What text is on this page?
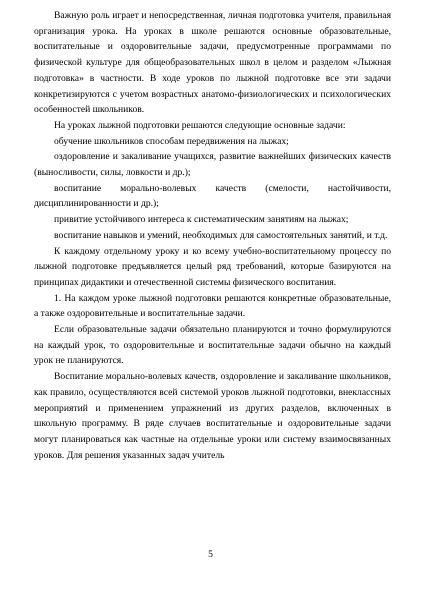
Важную роль играет и непосредственная, личная подготовка учителя, правильная организация урока. На уроках в школе решаются основные образовательные, воспитательные и оздоровительные задачи, предусмотренные программами по физической культуре для общеобразовательных школ в целом и разделом «Лыжная подготовка» в частности. В ходе уроков по лыжной подготовке все эти задачи конкретизируются с учетом возрастных анатомо-физиологических и психологических особенностей школьников.

На уроках лыжной подготовки решаются следующие основные задачи:

обучение школьников способам передвижения на лыжах;

оздоровление и закаливание учащихся, развитие важнейших физических качеств (выносливости, силы, ловкости и др.);

воспитание морально-волевых качеств (смелости, настойчивости, дисциплинированности и др.);

привитие устойчивого интереса к систематическим занятиям на лыжах;

воспитание навыков и умений, необходимых для самостоятельных занятий, и т.д.

К каждому отдельному уроку и ко всему учебно-воспитательному процессу по лыжной подготовке предъявляется целый ряд требований, которые базируются на принципах дидактики и отечественной системы физического воспитания.

1. На каждом уроке лыжной подготовки решаются конкретные образовательные, а также оздоровительные и воспитательные задачи.

Если образовательные задачи обязательно планируются и точно формулируются на каждый урок, то оздоровительные и воспитательные задачи обычно на каждый урок не планируются.

Воспитание морально-волевых качеств, оздоровление и закаливание школьников, как правило, осуществляются всей системой уроков лыжной подготовки, внеклассных мероприятий и применением упражнений из других разделов, включенных в школьную программу. В ряде случаев воспитательные и оздоровительные задачи могут планироваться как частные на отдельные уроки или систему взаимосвязанных уроков. Для решения указанных задач учитель

5
